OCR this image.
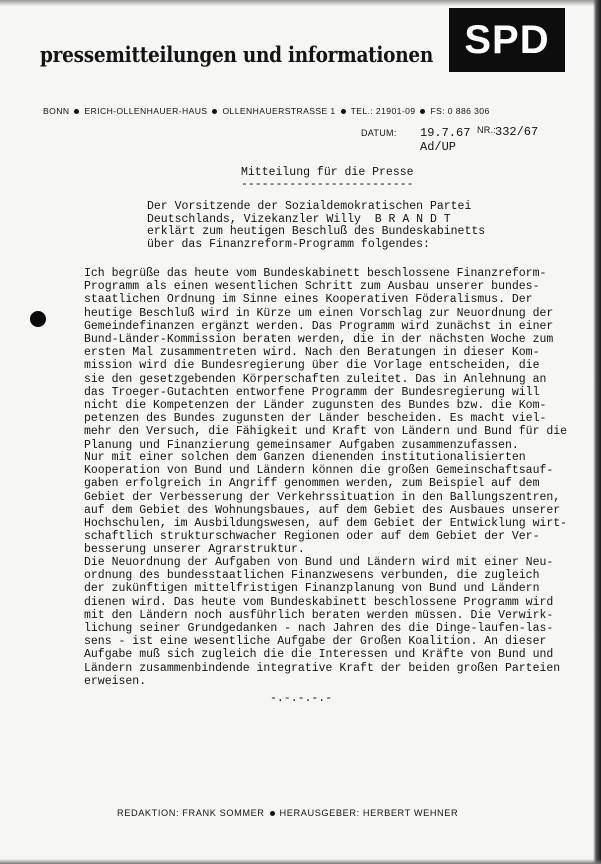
pressemitteilungen und informationen SPD
BONN ERICH-OLLENHAUER-HAUS OLLENHAUERSTRASSE 1 TEL.: 21901-09 FS: 0 886 306
DATUM: 19.7.67 NR.:
332/67
Ad/UP
Mitteilung für die Presse
-------------------------
Der Vorsitzende der Sozialdemokratischen Partei
Deutschlands, Vizekanzler Willy  B R A N D T
erklärt zum heutigen Beschluß des Bundeskabinetts
über das Finanzreform-Programm folgendes:
Ich begrüße das heute vom Bundeskabinett beschlossene Finanzreform-
Programm als einen wesentlichen Schritt zum Ausbau unserer bundes-
staatlichen Ordnung im Sinne eines Kooperativen Föderalismus. Der
heutige Beschluß wird in Kürze um einen Vorschlag zur Neuordnung der
Gemeindefinanzen ergänzt werden. Das Programm wird zunächst in einer
Bund-Länder-Kommission beraten werden, die in der nächsten Woche zum
ersten Mal zusammentreten wird. Nach den Beratungen in dieser Kom-
mission wird die Bundesregierung über die Vorlage entscheiden, die
sie den gesetzgebenden Körperschaften zuleitet. Das in Anlehnung an
das Troeger-Gutachten entworfene Programm der Bundesregierung will
nicht die Kompetenzen der Länder zugunsten des Bundes bzw. die Kom-
petenzen des Bundes zugunsten der Länder bescheiden. Es macht viel-
mehr den Versuch, die Fähigkeit und Kraft von Ländern und Bund für die
Planung und Finanzierung gemeinsamer Aufgaben zusammenzufassen.
Nur mit einer solchen dem Ganzen dienenden institutionalisierten
Kooperation von Bund und Ländern können die großen Gemeinschaftsauf-
gaben erfolgreich in Angriff genommen werden, zum Beispiel auf dem
Gebiet der Verbesserung der Verkehrssituation in den Ballungszentren,
auf dem Gebiet des Wohnungsbaues, auf dem Gebiet des Ausbaues unserer
Hochschulen, im Ausbildungswesen, auf dem Gebiet der Entwicklung wirt-
schaftlich strukturschwacher Regionen oder auf dem Gebiet der Ver-
besserung unserer Agrarstruktur.
Die Neuordnung der Aufgaben von Bund und Ländern wird mit einer Neu-
ordnung des bundesstaatlichen Finanzwesens verbunden, die zugleich
der zukünftigen mittelfristigen Finanzplanung von Bund und Ländern
dienen wird. Das heute vom Bundeskabinett beschlossene Programm wird
mit den Ländern noch ausführlich beraten werden müssen. Die Verwirk-
lichung seiner Grundgedanken - nach Jahren des die Dinge-laufen-las-
sens - ist eine wesentliche Aufgabe der Großen Koalition. An dieser
Aufgabe muß sich zugleich die die Interessen und Kräfte von Bund und
Ländern zusammenbindende integrative Kraft der beiden großen Parteien
erweisen.
-.-.-.-.-
REDAKTION: FRANK SOMMER HERAUSGEBER: HERBERT WEHNER
